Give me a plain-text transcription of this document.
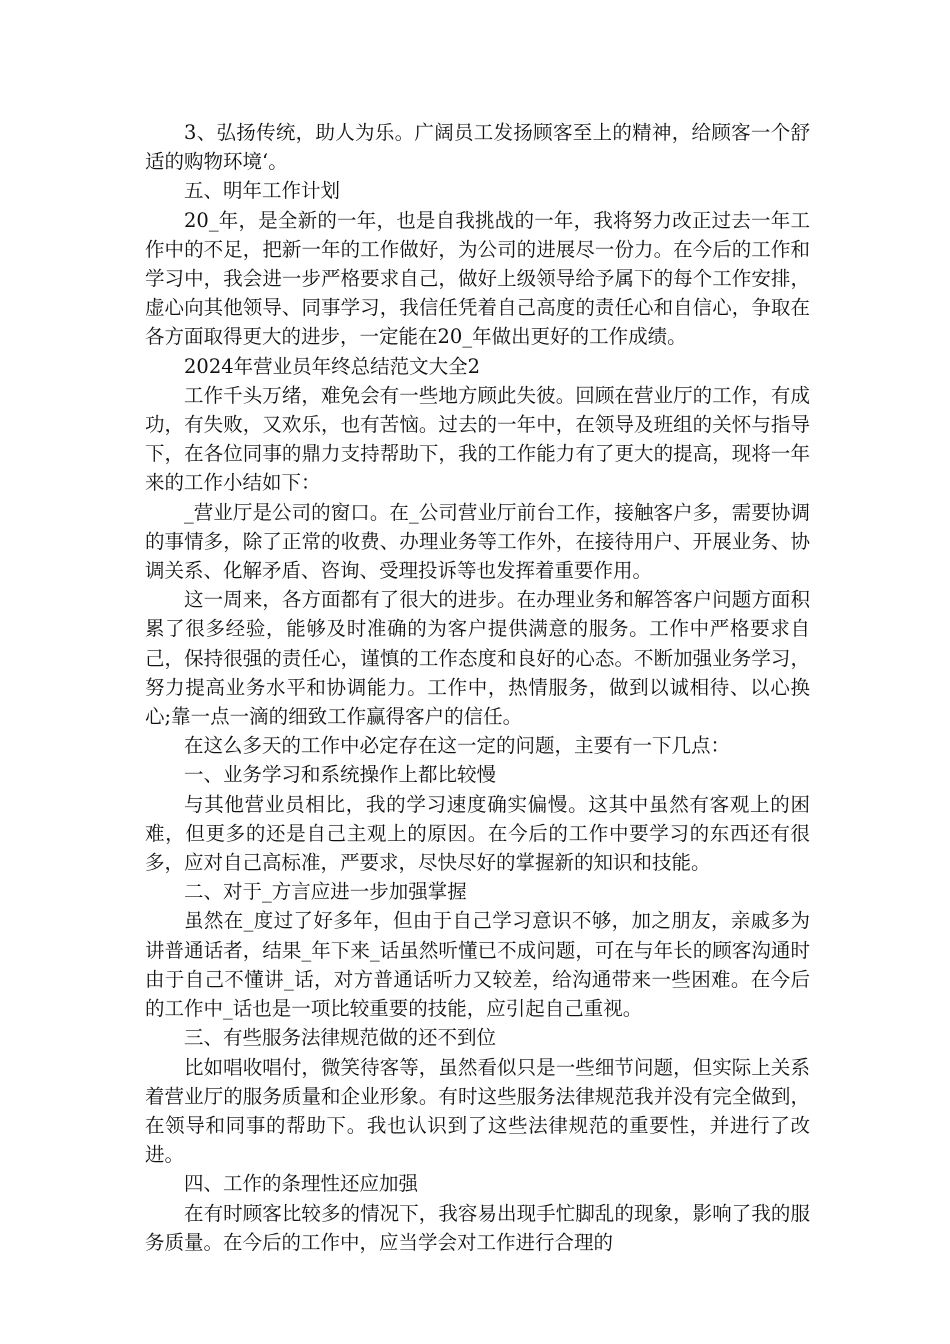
3、弘扬传统，助人为乐。广阔员工发扬顾客至上的精神，给顾客一个舒适的购物环境‘。

五、明年工作计划

20_年，是全新的一年，也是自我挑战的一年，我将努力改正过去一年工作中的不足，把新一年的工作做好，为公司的进展尽一份力。在今后的工作和学习中，我会进一步严格要求自己，做好上级领导给予属下的每个工作安排，虚心向其他领导、同事学习，我信任凭着自己高度的责任心和自信心，争取在各方面取得更大的进步，一定能在20_年做出更好的工作成绩。

2024年营业员年终总结范文大全2

工作千头万绪，难免会有一些地方顾此失彼。回顾在营业厅的工作，有成功，有失败，又欢乐，也有苦恼。过去的一年中，在领导及班组的关怀与指导下，在各位同事的鼎力支持帮助下，我的工作能力有了更大的提高，现将一年来的工作小结如下：

_营业厅是公司的窗口。在_公司营业厅前台工作，接触客户多，需要协调的事情多，除了正常的收费、办理业务等工作外，在接待用户、开展业务、协调关系、化解矛盾、咨询、受理投诉等也发挥着重要作用。

这一周来，各方面都有了很大的进步。在办理业务和解答客户问题方面积累了很多经验，能够及时准确的为客户提供满意的服务。工作中严格要求自己，保持很强的责任心，谨慎的工作态度和良好的心态。不断加强业务学习，努力提高业务水平和协调能力。工作中，热情服务，做到以诚相待、以心换心;靠一点一滴的细致工作赢得客户的信任。

在这么多天的工作中必定存在这一定的问题，主要有一下几点：

一、业务学习和系统操作上都比较慢

与其他营业员相比，我的学习速度确实偏慢。这其中虽然有客观上的困难，但更多的还是自己主观上的原因。在今后的工作中要学习的东西还有很多，应对自己高标准，严要求，尽快尽好的掌握新的知识和技能。

二、对于_方言应进一步加强掌握

虽然在_度过了好多年，但由于自己学习意识不够，加之朋友，亲戚多为讲普通话者，结果_年下来_话虽然听懂已不成问题，可在与年长的顾客沟通时由于自己不懂讲_话，对方普通话听力又较差，给沟通带来一些困难。在今后的工作中_话也是一项比较重要的技能，应引起自己重视。

三、有些服务法律规范做的还不到位

比如唱收唱付，微笑待客等，虽然看似只是一些细节问题，但实际上关系着营业厅的服务质量和企业形象。有时这些服务法律规范我并没有完全做到，在领导和同事的帮助下。我也认识到了这些法律规范的重要性，并进行了改进。

四、工作的条理性还应加强

在有时顾客比较多的情况下，我容易出现手忙脚乱的现象，影响了我的服务质量。在今后的工作中，应当学会对工作进行合理的
